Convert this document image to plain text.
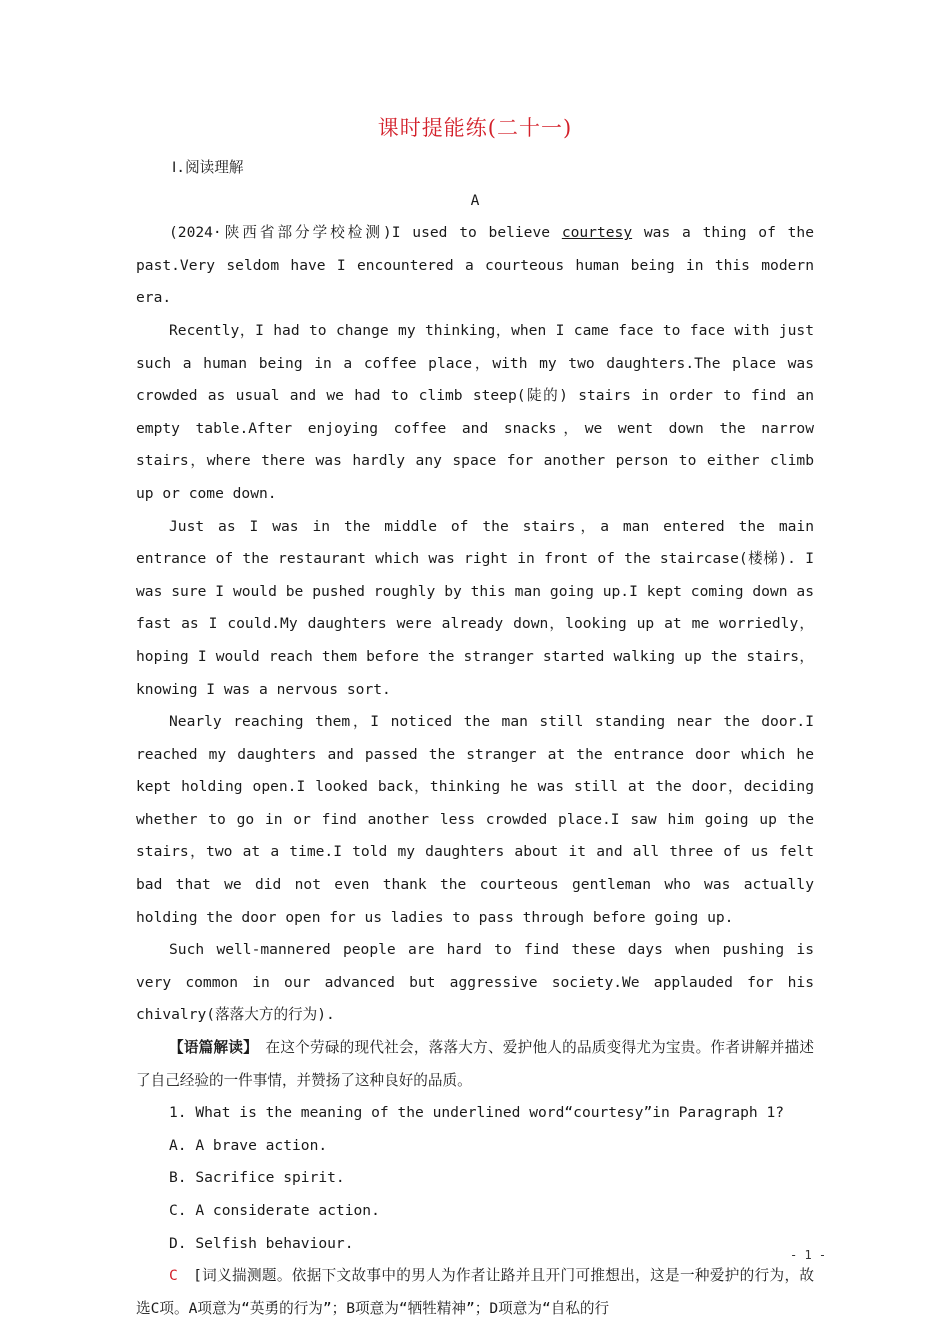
课时提能练(二十一)

Ⅰ.阅读理解

A

(2024·陕西省部分学校检测)I used to believe courtesy was a thing of the past.Very seldom have I encountered a courteous human being in this modern era.

Recently，I had to change my thinking，when I came face to face with just such a human being in a coffee place，with my two daughters.The place was crowded as usual and we had to climb steep(陡的) stairs in order to find an empty table.After enjoying coffee and snacks，we went down the narrow stairs，where there was hardly any space for another person to either climb up or come down.

Just as I was in the middle of the stairs，a man entered the main entrance of the restaurant which was right in front of the staircase(楼梯). I was sure I would be pushed roughly by this man going up.I kept coming down as fast as I could.My daughters were already down，looking up at me worriedly，hoping I would reach them before the stranger started walking up the stairs，knowing I was a nervous sort.

Nearly reaching them，I noticed the man still standing near the door.I reached my daughters and passed the stranger at the entrance door which he kept holding open.I looked back，thinking he was still at the door，deciding whether to go in or find another less crowded place.I saw him going up the stairs，two at a time.I told my daughters about it and all three of us felt bad that we did not even thank the courteous gentleman who was actually holding the door open for us ladies to pass through before going up.

Such well-mannered people are hard to find these days when pushing is very common in our advanced but aggressive society.We applauded for his chivalry(落落大方的行为).

【语篇解读】　在这个劳碌的现代社会，落落大方、爱护他人的品质变得尤为宝贵。作者讲解并描述了自己经验的一件事情，并赞扬了这种良好的品质。

1. What is the meaning of the underlined word“courtesy”in Paragraph 1?

A. A brave action.

B. Sacrifice spirit.

C. A considerate action.

D. Selfish behaviour.

C　[词义揣测题。依据下文故事中的男人为作者让路并且开门可推想出，这是一种爱护的行为，故选C项。A项意为“英勇的行为”；B项意为“牺牲精神”；D项意为“自私的行

- 1 -
